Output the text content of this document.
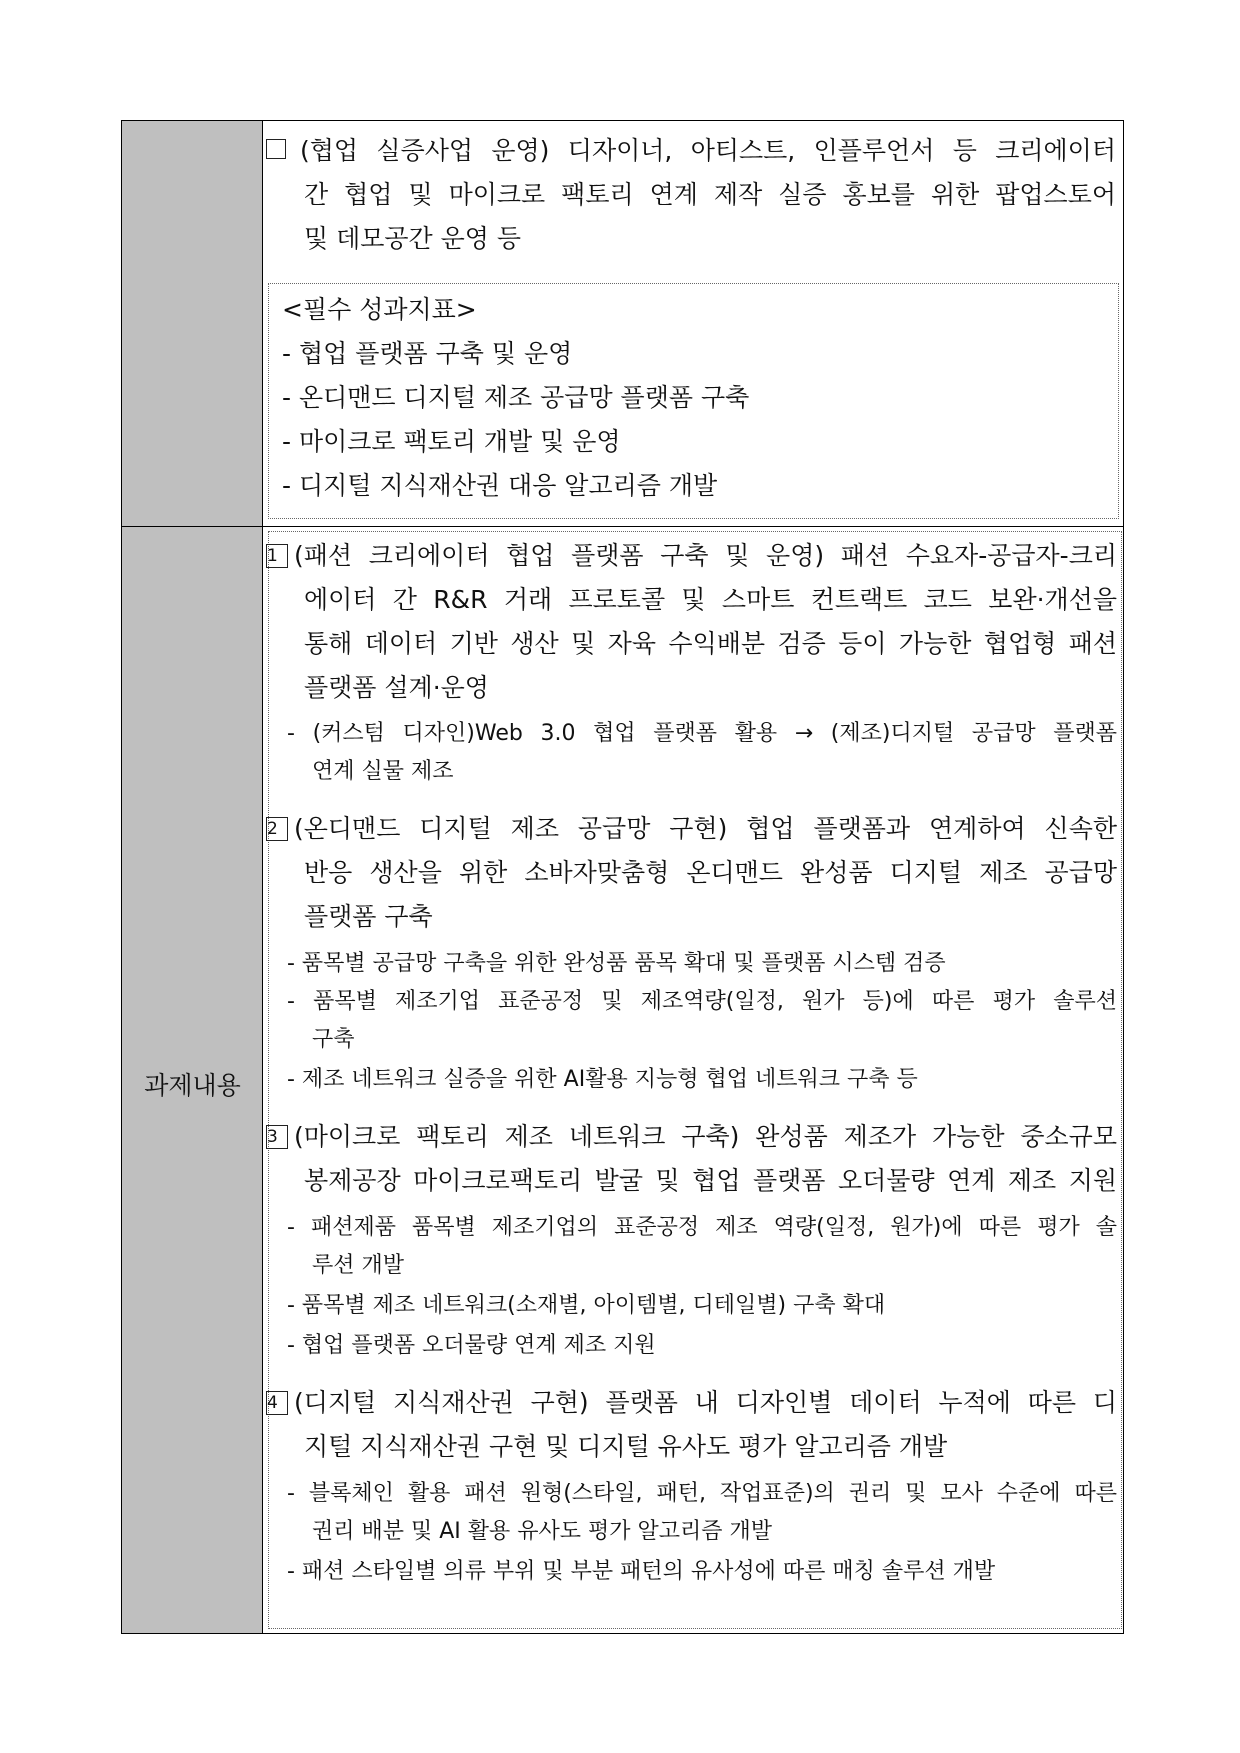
과제내용
(협업 실증사업 운영) 디자이너, 아티스트, 인플루언서 등 크리에이터
간 협업 및 마이크로 팩토리 연계 제작 실증 홍보를 위한 팝업스토어
및 데모공간 운영 등
<필수 성과지표>
- 협업 플랫폼 구축 및 운영
- 온디맨드 디지털 제조 공급망 플랫폼 구축
- 마이크로 팩토리 개발 및 운영
- 디지털 지식재산권 대응 알고리즘 개발
1 (패션 크리에이터 협업 플랫폼 구축 및 운영) 패션 수요자-공급자-크리
에이터 간 R&R 거래 프로토콜 및 스마트 컨트랙트 코드 보완·개선을
통해 데이터 기반 생산 및 자육 수익배분 검증 등이 가능한 협업형 패션
플랫폼 설계·운영
- (커스텀 디자인)Web 3.0 협업 플랫폼 활용 → (제조)디지털 공급망 플랫폼
연계 실물 제조
2 (온디맨드 디지털 제조 공급망 구현) 협업 플랫폼과 연계하여 신속한
반응 생산을 위한 소바자맞춤형 온디맨드 완성품 디지털 제조 공급망
플랫폼 구축
- 품목별 공급망 구축을 위한 완성품 품목 확대 및 플랫폼 시스템 검증
- 품목별 제조기업 표준공정 및 제조역량(일정, 원가 등)에 따른 평가 솔루션
구축
- 제조 네트워크 실증을 위한 AI활용 지능형 협업 네트워크 구축 등
3 (마이크로 팩토리 제조 네트워크 구축) 완성품 제조가 가능한 중소규모
봉제공장 마이크로팩토리 발굴 및 협업 플랫폼 오더물량 연계 제조 지원
- 패션제품 품목별 제조기업의 표준공정 제조 역량(일정, 원가)에 따른 평가 솔
루션 개발
- 품목별 제조 네트워크(소재별, 아이템별, 디테일별) 구축 확대
- 협업 플랫폼 오더물량 연계 제조 지원
4 (디지털 지식재산권 구현) 플랫폼 내 디자인별 데이터 누적에 따른 디
지털 지식재산권 구현 및 디지털 유사도 평가 알고리즘 개발
- 블록체인 활용 패션 원형(스타일, 패턴, 작업표준)의 권리 및 모사 수준에 따른
권리 배분 및 AI 활용 유사도 평가 알고리즘 개발
- 패션 스타일별 의류 부위 및 부분 패턴의 유사성에 따른 매칭 솔루션 개발
